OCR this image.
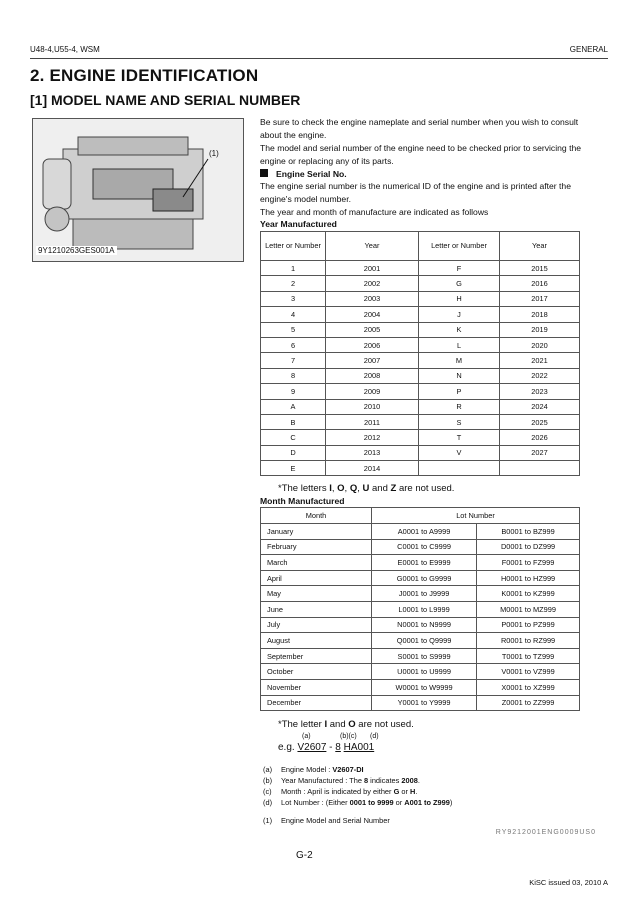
U48-4,U55-4, WSM	GENERAL
2. ENGINE IDENTIFICATION
[1] MODEL NAME AND SERIAL NUMBER
(1)
9Y1210263GES001A
Be sure to check the engine nameplate and serial number when you wish to consult about the engine.
The model and serial number of the engine need to be checked prior to servicing the engine or replacing any of its parts.
Engine Serial No.
The engine serial number is the numerical ID of the engine and is printed after the engine's model number.
The year and month of manufacture are indicated as follows
Year Manufactured
Letter or Number	Year	Letter or Number	Year
1	2001	F	2015
2	2002	G	2016
3	2003	H	2017
4	2004	J	2018
5	2005	K	2019
6	2006	L	2020
7	2007	M	2021
8	2008	N	2022
9	2009	P	2023
A	2010	R	2024
B	2011	S	2025
C	2012	T	2026
D	2013	V	2027
E	2014		
*The letters I, O, Q, U and Z are not used.
Month Manufactured
Month	Lot Number	
January	A0001 to A9999	B0001 to BZ999
February	C0001 to C9999	D0001 to DZ999
March	E0001 to E9999	F0001 to FZ999
April	G0001 to G9999	H0001 to HZ999
May	J0001 to J9999	K0001 to KZ999
June	L0001 to L9999	M0001 to MZ999
July	N0001 to N9999	P0001 to PZ999
August	Q0001 to Q9999	R0001 to RZ999
September	S0001 to S9999	T0001 to TZ999
October	U0001 to U9999	V0001 to VZ999
November	W0001 to W9999	X0001 to XZ999
December	Y0001 to Y9999	Z0001 to ZZ999
*The letter I and O are not used.
(a)	(b)(c) (d)
e.g. V2607 - 8 HA001
(a) Engine Model : V2607-DI
(b) Year Manufactured : The 8 indicates 2008.
(c) Month : April is indicated by either G or H.
(d) Lot Number : (Either 0001 to 9999 or A001 to Z999)
(1) Engine Model and Serial Number
RY9212001ENG0009US0
G-2
KiSC issued 03, 2010 A
